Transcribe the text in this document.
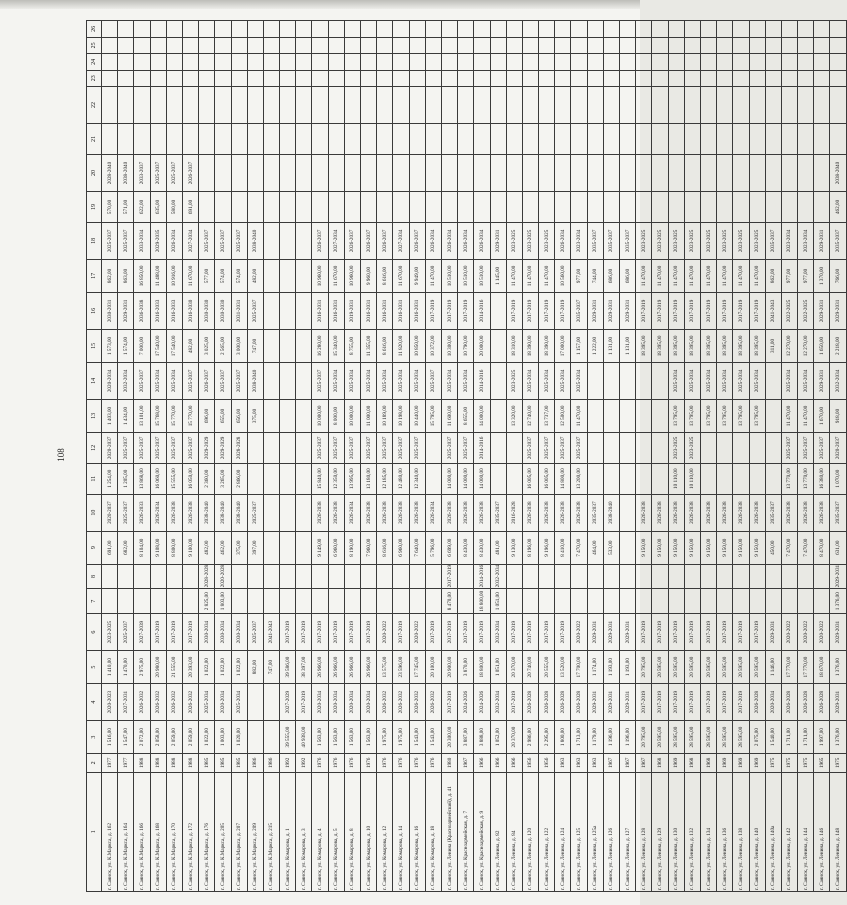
108
1	2	3	4	5	6	7	8	9	10	11	12	13	14	15	16	17	18	19	20	21	22	23	24	25	26
г. Саянск, ул. К.Маркса, д. 162	1977	1 516,00	2020-2023	1 410,00	2023-2025			691,00	2020-2037	1 254,00	2020-2037	1 403,00	2020-2034	1 573,00	2030-2031	862,00	2025-2037	570,00	2028-2040						
г. Саянск, ул. К.Маркса, д. 164	1977	1 547,00	2027-2031	1 470,00	2025-2037			682,00	2025-2037	1 205,00	2025-2037	1 434,00	2032-2034	1 574,00	2029-2031	863,00	2025-2037	571,00	2038-2040						
г. Саянск, ул. К.Маркса, д. 166	1988	2 072,00	2026-2032	2 975,00	2027-2039			8 104,00	2026-2033	13 868,00	2025-2037	13 101,00	2025-2037	7 000,00	2036-2038	16 850,00	2033-2034	622,00	2033-2037						
г. Саянск, ул. К.Маркса, д. 168	1988	2 058,00	2026-2032	20 980,00	2017-2019			9 108,00	2026-2034	16 060,00	2025-2037	15 768,00	2025-2034	17 540,00	2016-2033	11 488,00	2029-2035	635,00	2025-2037						
г. Саянск, ул. К.Маркса, д. 170	1988	2 059,00	2026-2032	21 555,00	2017-2019			8 800,00	2026-2038	15 555,00	2025-2037	15 770,00	2025-2034	17 540,00	2016-2033	10 916,00	2026-2034	580,00	2025-2037						
г. Саянск, ул. К.Маркса, д. 172	1988	2 059,00	2026-2032	20 393,00	2017-2019			9 100,00	2026-2038	16 050,00	2025-2037	15 770,00	2025-2037	482,00	2016-2030	11 670,00	2027-2034	691,00	2026-2037						
г. Саянск, ул. К.Маркса, д. 176	1985	1 022,00	2025-2034	1 022,00	2030-2034	2 825,00	2028-2028	482,00	2038-2040	2 360,00	2029-2029	696,00	2026-2037	3 025,00	2030-2030	577,00	2025-2037								
г. Саянск, ул. К.Маркса, д. 205	1985	1 003,00	2020-2034	1 022,00	2030-2034	1 803,00	2020-2028	462,00	2038-2040	3 265,00	2029-2029	655,00	2025-2037	2 565,00	2030-2030	574,00	2025-2037								
г. Саянск, ул. К.Маркса, д. 207	1985	1 020,00	2025-2034	1 022,00	2030-2034			375,00	2038-2040	2 866,00	2028-2028	656,00	2025-2037	3 000,00	2031-2031	574,00	2025-2037								
г. Саянск, ул. К.Маркса, д. 209	1986			882,00	2025-2037			397,00	2025-2037			375,00	2038-2040	747,00	2025-2037	482,00	2038-2040								
г. Саянск, ул. К.Маркса, д. 215	1986			747,00	2041-2043																				
г. Саянск, ул. Комарова, д. 1	1992	39 555,00	2027-2029	39 586,00	2017-2019																				
г. Саянск, ул. Комарова, д. 3	1992	40 938,00	2017-2019	38 397,00	2017-2019																				
г. Саянск, ул. Комарова, д. 4	1976	1 563,00	2020-2034	26 966,00	2017-2019			9 149,00	2026-2038	15 840,00	2025-2037	10 000,00	2025-2037	16 280,00	2016-2031	10 960,00	2026-2037								
г. Саянск, ул. Комарова, д. 5	1976	1 563,00	2020-2034	26 966,00	2017-2019			6 960,00	2026-2038	12 350,00	2025-2037	8 000,00	2025-2034	15 340,00	2016-2031	11 670,00	2027-2034								
г. Саянск, ул. Комарова, д. 8	1976	1 563,00	2020-2034	26 966,00	2017-2019			8 190,00	2026-2034	13 995,00	2025-2037	10 000,00	2025-2034	8 755,00	2019-2031	10 960,00	2026-2037								
г. Саянск, ул. Комарова, д. 10	1976	1 563,00	2020-2034	26 966,00	2017-2019			7 960,00	2026-2038	13 180,00	2025-2037	11 000,00	2025-2034	11 355,00	2016-2031	9 960,00	2026-2037								
г. Саянск, ул. Комарова, д. 12	1976	1 975,00	2026-2032	13 575,00	2020-2022			8 616,00	2026-2038	12 185,00	2025-2037	10 189,00	2025-2034	8 616,00	2016-2031	8 616,00	2026-2037								
г. Саянск, ул. Комарова, д. 14	1976	1 975,00	2026-2032	23 596,00	2017-2019			6 960,00	2026-2038	12 480,00	2025-2037	10 198,00	2025-2034	11 820,00	2016-2031	11 670,00	2027-2034								
г. Саянск, ул. Комарова, д. 16	1976	1 543,00	2026-2032	17 745,00	2020-2022			7 640,00	2026-2038	12 340,00	2025-2037	10 440,00	2025-2034	10 850,00	2016-2031	9 949,00	2026-2037								
г. Саянск, ул. Комарова, д. 18	1976	1 543,00	2026-2032	20 100,00	2017-2019			5 796,00	2026-2034			15 795,00	2025-2037	10 372,00	2017-2019	11 470,00	2026-2034								
г. Саянск, ул. Ленина (Красноармейский), д. 41	1980	20 300,00	2017-2019	20 900,00	2017-2019	8 470,00	2017-2019	6 699,00	2026-2038	14 000,00	2025-2037	11 600,00	2025-2034	10 300,00	2017-2019	10 510,00	2026-2034								
г. Саянск, ул. Красноармейская, д. 7	1967	3 887,00	2024-2026	3 870,00	2017-2019			8 430,00	2026-2038	14 000,00	2025-2037	8 655,00	2025-2034	10 790,00	2017-2019	10 510,00	2026-2034								
г. Саянск, ул. Красноармейская, д. 9	1966	3 888,00	2024-2026	18 800,00	2017-2019	18 800,00	2014-2016	8 430,00	2026-2038	14 000,00	2014-2016	14 000,00	2014-2016	20 000,00	2014-2016	10 510,00	2026-2034								
г. Саянск, ул. Ленина, д. 82	1966	1 052,00	2032-2034	1 051,00	2032-2034	1 051,00	2032-2034	481,00	2035-2037							1 145,00	2029-2031								
г. Саянск, ул. Ленина, д. 84	1966	20 370,00	2017-2019	20 370,00	2017-2019			9 130,00	2016-2028			13 320,00	2023-2025	18 310,00	2017-2019	11 470,00	2023-2025								
г. Саянск, ул. Ленина, д. 120	1956	2 986,00	2026-2028	20 740,00	2017-2019			8 196,00	2026-2038	16 005,00	2025-2037	12 740,00	2025-2034	18 390,00	2017-2019	11 470,00	2023-2025								
г. Саянск, ул. Ленина, д. 122	1956	2 295,00	2026-2028	20 555,00	2017-2019			9 196,00	2026-2038	16 005,00	2025-2037	13 737,00	2025-2034	18 390,00	2017-2019	11 470,00	2023-2025								
г. Саянск, ул. Ленина, д. 124	1963	1 800,00	2026-2028	13 520,00	2017-2019			8 410,00	2026-2038	14 800,00	2025-2037	12 500,00	2025-2034	17 000,00	2017-2019	10 560,00	2026-2034								
г. Саянск, ул. Ленина, д. 125	1963	1 713,00	2026-2028	17 700,00	2020-2022			7 470,00	2026-2038	13 200,00	2025-2037	11 470,00	2025-2034	1 157,00	2035-2037	977,00	2023-2034								
г. Саянск, ул. Ленина, д. 125а	1963	1 179,00	2029-2031	1 174,00	2029-2031			464,00	2035-2037					1 222,00	2029-2031	744,00	2035-2037								
г. Саянск, ул. Ленина, д. 126	1967	1 196,00	2029-2031	1 193,00	2029-2031			533,00	2038-2040					1 131,00	2029-2031	686,00	2035-2037								
г. Саянск, ул. Ленина, д. 127	1967	1 196,00	2029-2031	1 193,00	2029-2031									1 131,00	2029-2031	686,00	2035-2037								
г. Саянск, ул. Ленина, д. 128	1967	20 795,00	2017-2019	20 795,00	2017-2019			9 150,00	2026-2038					18 395,00	2017-2019	11 470,00	2023-2025								
г. Саянск, ул. Ленина, д. 129	1968	20 595,00	2017-2019	20 595,00	2017-2019			9 150,00	2026-2038					18 395,00	2017-2019	11 470,00	2023-2025								
г. Саянск, ул. Ленина, д. 130	1969	28 595,00	2017-2019	20 595,00	2017-2019			9 150,00	2026-2038	10 110,00	2023-2025	13 795,00	2025-2034	18 395,00	2017-2019	11 470,00	2023-2025								
г. Саянск, ул. Ленина, д. 132	1968	28 595,00	2017-2019	20 595,00	2017-2019			9 150,00	2026-2038	10 110,00	2023-2025	13 795,00	2025-2034	18 395,00	2017-2019	11 470,00	2023-2025								
г. Саянск, ул. Ленина, д. 134	1968	28 595,00	2017-2019	20 595,00	2017-2019			9 150,00	2026-2038			13 795,00	2025-2034	18 395,00	2017-2019	11 470,00	2023-2025								
г. Саянск, ул. Ленина, д. 136	1969	28 595,00	2017-2019	20 595,00	2017-2019			9 150,00	2026-2038			13 795,00	2025-2034	18 395,00	2017-2019	11 470,00	2023-2025								
г. Саянск, ул. Ленина, д. 138	1969	28 595,00	2017-2019	20 595,00	2017-2019			9 150,00	2026-2038			13 795,00	2025-2034	18 395,00	2017-2019	11 470,00	2023-2025								
г. Саянск, ул. Ленина, д. 140	1969	2 075,00	2026-2028	20 595,00	2017-2019			9 150,00	2026-2038			13 795,00	2025-2034	18 395,00	2017-2019	11 470,00	2023-2025								
г. Саянск, ул. Ленина, д. 140а	1975	1 540,00	2020-2034	1 146,00	2029-2031			450,00	2035-2037					311,00	2041-2043	862,00	2035-2037								
г. Саянск, ул. Ленина, д. 142	1975	1 711,00	2026-2028	17 770,00	2020-2022			7 470,00	2026-2038	13 770,00	2025-2037	11 470,00	2025-2034	12 270,00	2022-2025	977,00	2023-2034								
г. Саянск, ул. Ленина, д. 144	1975	1 711,00	2026-2028	17 770,00	2020-2022			7 470,00	2026-2038	13 770,00	2025-2037	11 470,00	2025-2034	12 270,00	2022-2025	977,00	2023-2034								
г. Саянск, ул. Ленина, д. 146	1965	1 997,00	2026-2028	18 670,00	2020-2022			8 470,00	2026-2038	16 380,00	2025-2037	1 670,00	2029-2031	1 650,00	2029-2031	1 370,00	2029-2031								
г. Саянск, ул. Ленина, д. 148	1975	1 376,00	2029-2031	1 376,00	2029-2031	1 376,00	2029-2031	631,00	2035-2037	1 070,00	2020-2037	918,00	2032-2034	2 218,00	2029-2031	766,00	2035-2037	462,00	2038-2040						
